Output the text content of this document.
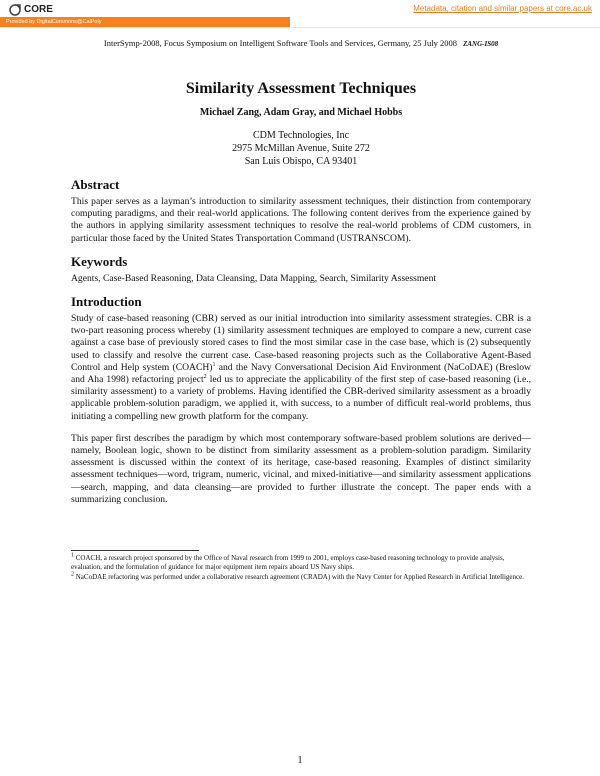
CORE	Metadata, citation and similar papers at core.ac.uk
Provided by DigitalCommons@CalPoly
InterSymp-2008, Focus Symposium on Intelligent Software Tools and Services, Germany, 25 July 2008 ZANG-IS08
Similarity Assessment Techniques
Michael Zang, Adam Gray, and Michael Hobbs
CDM Technologies, Inc
2975 McMillan Avenue, Suite 272
San Luis Obispo, CA 93401
Abstract

This paper serves as a layman’s introduction to similarity assessment techniques, their distinction from contemporary computing paradigms, and their real-world applications. The following content derives from the experience gained by the authors in applying similarity assessment techniques to resolve the real-world problems of CDM customers, in particular those faced by the United States Transportation Command (USTRANSCOM).

Keywords

Agents, Case-Based Reasoning, Data Cleansing, Data Mapping, Search, Similarity Assessment

Introduction

Study of case-based reasoning (CBR) served as our initial introduction into similarity assessment strategies. CBR is a two-part reasoning process whereby (1) similarity assessment techniques are employed to compare a new, current case against a case base of previously stored cases to find the most similar case in the case base, which is (2) subsequently used to classify and resolve the current case. Case-based reasoning projects such as the Collaborative Agent-Based Control and Help system (COACH)$^1$ and the Navy Conversational Decision Aid Environment (NaCoDAE) (Breslow and Aha 1998) refactoring project$^2$ led us to appreciate the applicability of the first step of case-based reasoning (i.e., similarity assessment) to a variety of problems. Having identified the CBR-derived similarity assessment as a broadly applicable problem-solution paradigm, we applied it, with success, to a number of difficult real-world problems, thus initiating a compelling new growth platform for the company.

This paper first describes the paradigm by which most contemporary software-based problem solutions are derived—namely, Boolean logic, shown to be distinct from similarity assessment as a problem-solution paradigm. Similarity assessment is discussed within the context of its heritage, case-based reasoning. Examples of distinct similarity assessment techniques—word, trigram, numeric, vicinal, and mixed-initiative—and similarity assessment applications—search, mapping, and data cleansing—are provided to further illustrate the concept. The paper ends with a summarizing conclusion.

$^1$ COACH, a research project sponsored by the Office of Naval research from 1999 to 2001, employs case-based reasoning technology to provide analysis, evaluation, and the formulation of guidance for major equipment item repairs aboard US Navy ships.
$^2$ NaCoDAE refactoring was performed under a collaborative research agreement (CRADA) with the Navy Center for Applied Research in Artificial Intelligence.
1
